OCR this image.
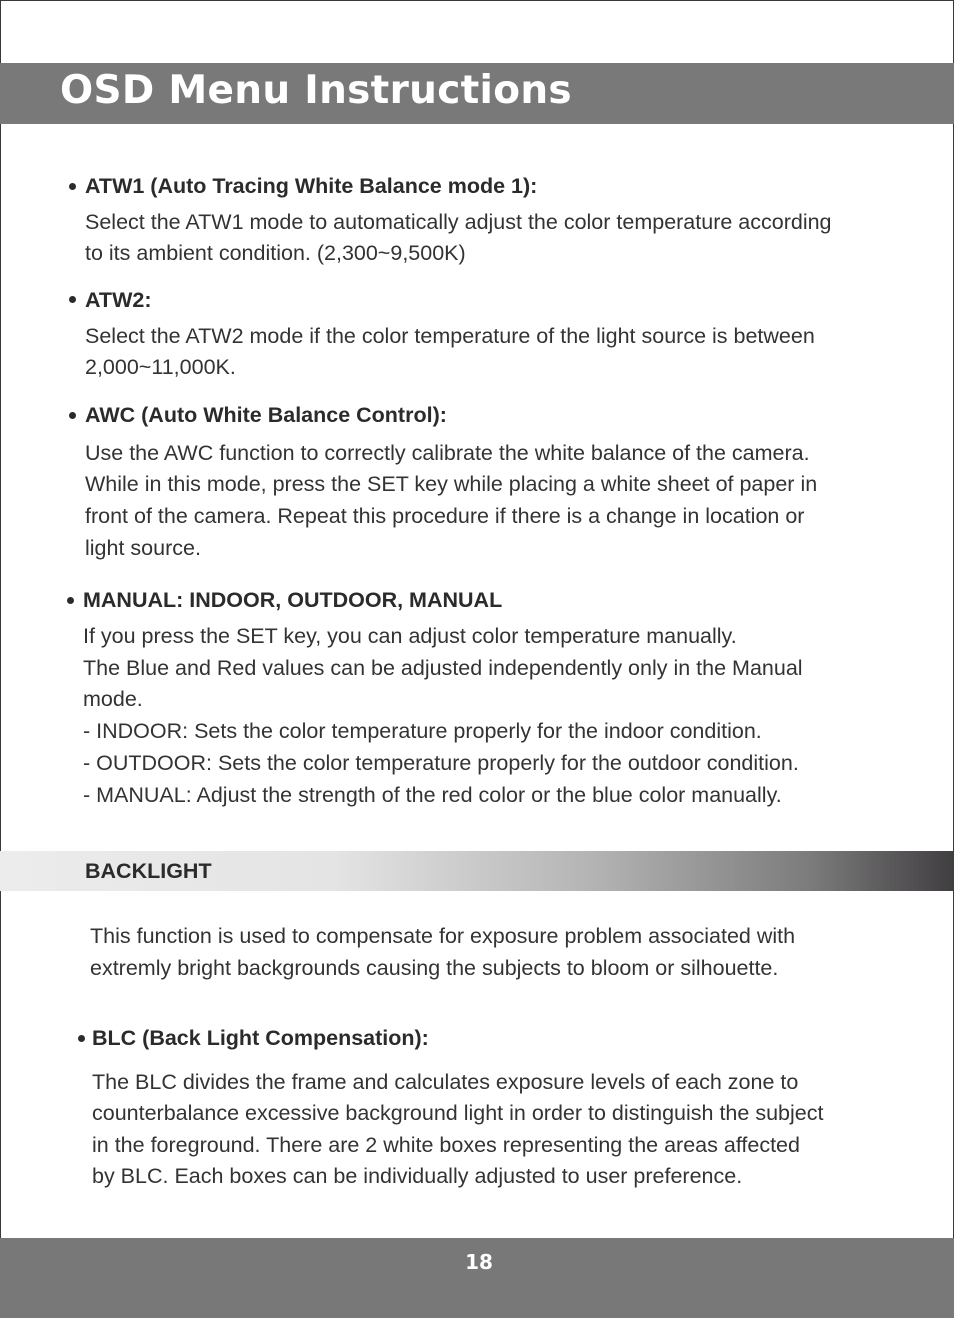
OSD Menu Instructions
ATW1 (Auto Tracing White Balance mode 1):
Select the ATW1 mode to automatically adjust the color temperature according
to its ambient condition. (2,300~9,500K)
ATW2:
Select the ATW2 mode if the color temperature of the light source is between
2,000~11,000K.
AWC (Auto White Balance Control):
Use the AWC function to correctly calibrate the white balance of the camera.
While in this mode, press the SET key while placing a white sheet of paper in
front of the camera. Repeat this procedure if there is a change in location or
light source.
MANUAL: INDOOR, OUTDOOR, MANUAL
If you press the SET key, you can adjust color temperature manually.
The Blue and Red values can be adjusted independently only in the Manual
mode.
- INDOOR: Sets the color temperature properly for the indoor condition.
- OUTDOOR: Sets the color temperature properly for the outdoor condition.
- MANUAL: Adjust the strength of the red color or the blue color manually.
BACKLIGHT
This function is used to compensate for exposure problem associated with
extremly bright backgrounds causing the subjects to bloom or silhouette.
BLC (Back Light Compensation):
The BLC divides the frame and calculates exposure levels of each zone to
counterbalance excessive background light in order to distinguish the subject
in the foreground. There are 2 white boxes representing the areas affected
by BLC. Each boxes can be individually adjusted to user preference.
18
